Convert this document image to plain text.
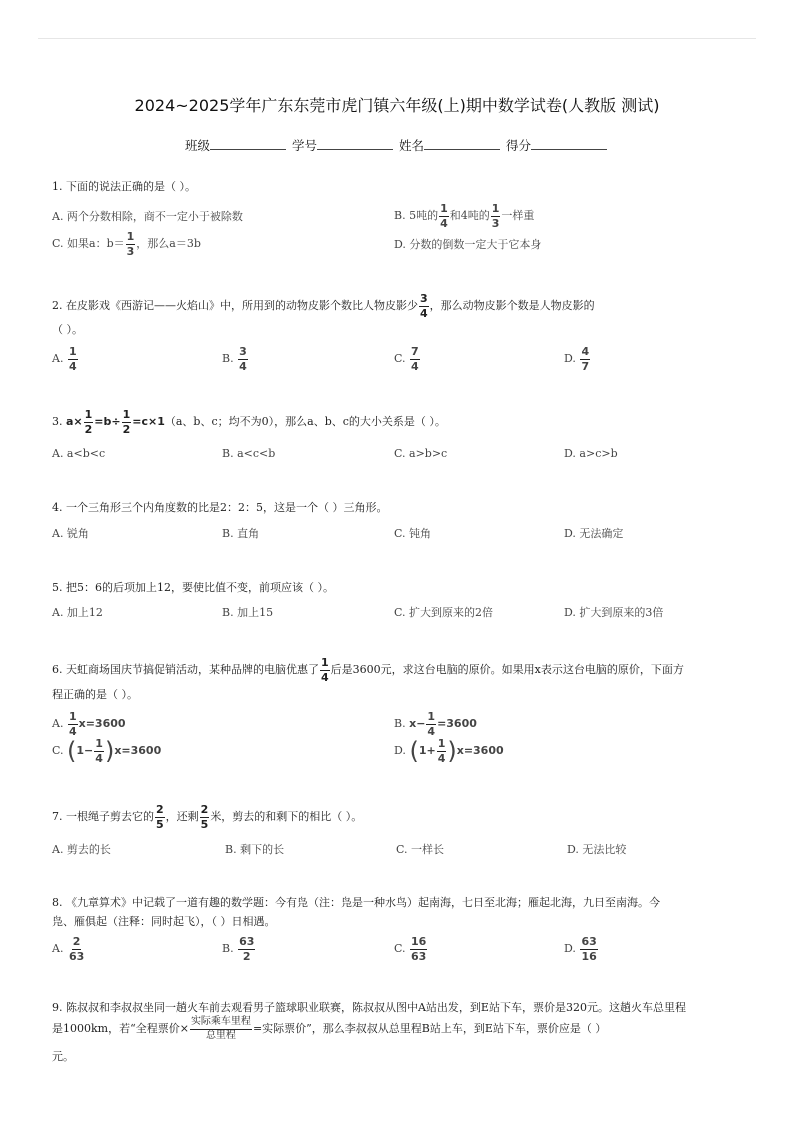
2024~2025学年广东东莞市虎门镇六年级(上)期中数学试卷(人教版 测试)
班级	学号	姓名	得分
1. 下面的说法正确的是（ ）。
A. 两个分数相除，商不一定小于被除数	B. 5吨的 $\frac{1}{4}$ 和4吨的 $\frac{1}{3}$ 一样重
C. 如果a：$b= \frac{1}{3}$ ，那么a＝3b	D. 分数的倒数一定大于它本身
2. 在皮影戏《西游记——火焰山》中，所用到的动物皮影个数比人物皮影少 $\frac{3}{4}$ ，那么动物皮影个数是人物皮影的
（ ）。
A. $\frac{1}{4}$	B. $\frac{3}{4}$	C. $\frac{7}{4}$	D. $\frac{4}{7}$
3. $a\times \frac{1}{2} =b\div \frac{1}{2} =c\times 1(a$、b、c；均不为0），那么a、b、c的大小关系是（ ）。
A. a<b<c	B. a<c<b	C. a>b>c	D. a>c>b
4. 一个三角形三个内角度数的比是2：2：5，这是一个（ ）三角形。
A. 锐角	B. 直角	C. 钝角	D. 无法确定
5. 把5：6的后项加上12，要使比值不变，前项应该（ ）。
A. 加上12	B. 加上15	C. 扩大到原来的2倍	D. 扩大到原来的3倍
6. 天虹商场国庆节搞促销活动，某种品牌的电脑优惠了 $\frac{1}{4}$ 后是3600元，求这台电脑的原价。如果用x表示这台电脑的原价，下面方
程正确的是（ ）。
A. $\frac{1}{4} x=3600$	B. $x- \frac{1}{4} =3600$
C. $(1- \frac{1}{4} )x=3600$	D. $(1+ \frac{1}{4} )x=3600$
7. 一根绳子剪去它的 $\frac{2}{5}$ ，还剩 $\frac{2}{5}$ 米，剪去的和剩下的相比（ ）。
A. 剪去的长	B. 剩下的长	C. 一样长	D. 无法比较
8. 《九章算术》中记载了一道有趣的数学题：今有凫（注：凫是一种水鸟）起南海，七日至北海；雁起北海，九日至南海。今
凫、雁俱起（注释：同时起飞），（ ）日相遇。
A. $\frac{2}{63}$	B. $\frac{63}{2}$	C. $\frac{16}{63}$	D. $\frac{63}{16}$
9. 陈叔叔和李叔叔坐同一趟火车前去观看男子篮球职业联赛，陈叔叔从图中A站出发，到E站下车，票价是320元。这趟火车总里程
是1000km，若“全程票价× $\frac{\text{实际乘车里程}}{\text{总里程}}$ =实际票价”，那么李叔叔从总里程B站上车，到E站下车，票价应是（ ）
元。
